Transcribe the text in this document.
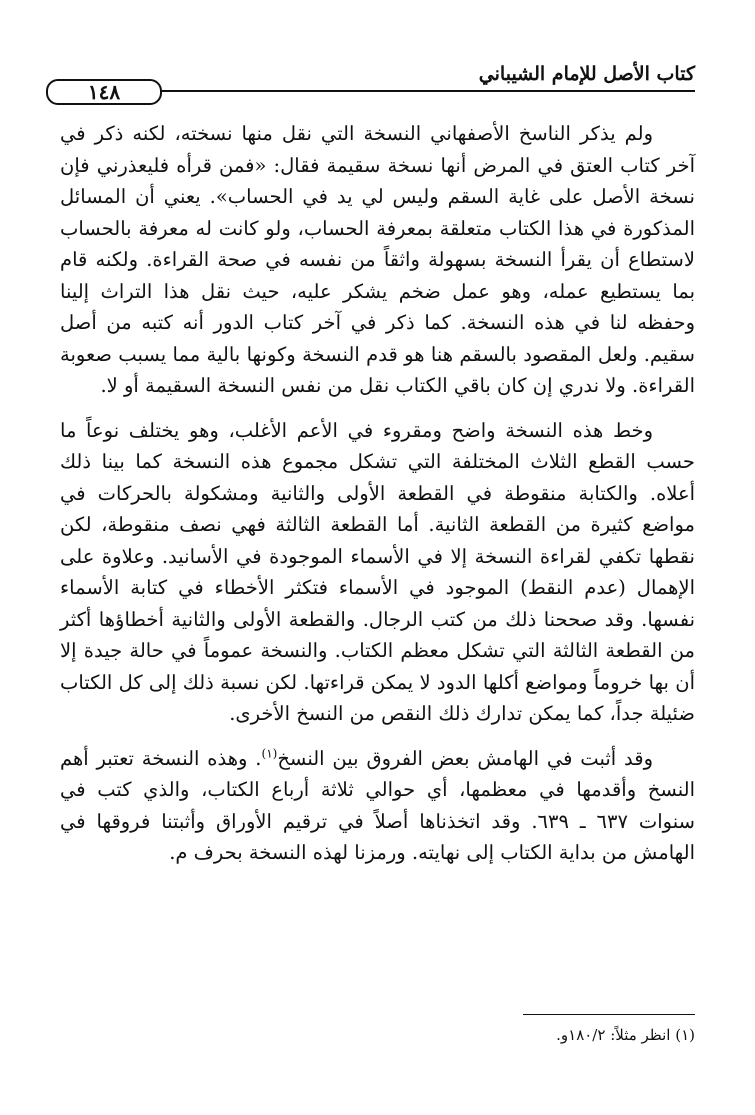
كتاب الأصل للإمام الشيباني
١٤٨

ولم يذكر الناسخ الأصفهاني النسخة التي نقل منها نسخته، لكنه ذكر في آخر كتاب العتق في المرض أنها نسخة سقيمة فقال: «فمن قرأه فليعذرني فإن نسخة الأصل على غاية السقم وليس لي يد في الحساب». يعني أن المسائل المذكورة في هذا الكتاب متعلقة بمعرفة الحساب، ولو كانت له معرفة بالحساب لاستطاع أن يقرأ النسخة بسهولة واثقاً من نفسه في صحة القراءة. ولكنه قام بما يستطيع عمله، وهو عمل ضخم يشكر عليه، حيث نقل هذا التراث إلينا وحفظه لنا في هذه النسخة. كما ذكر في آخر كتاب الدور أنه كتبه من أصل سقيم. ولعل المقصود بالسقم هنا هو قدم النسخة وكونها بالية مما يسبب صعوبة القراءة. ولا ندري إن كان باقي الكتاب نقل من نفس النسخة السقيمة أو لا.

وخط هذه النسخة واضح ومقروء في الأعم الأغلب، وهو يختلف نوعاً ما حسب القطع الثلاث المختلفة التي تشكل مجموع هذه النسخة كما بينا ذلك أعلاه. والكتابة منقوطة في القطعة الأولى والثانية ومشكولة بالحركات في مواضع كثيرة من القطعة الثانية. أما القطعة الثالثة فهي نصف منقوطة، لكن نقطها تكفي لقراءة النسخة إلا في الأسماء الموجودة في الأسانيد. وعلاوة على الإهمال (عدم النقط) الموجود في الأسماء فتكثر الأخطاء في كتابة الأسماء نفسها. وقد صححنا ذلك من كتب الرجال. والقطعة الأولى والثانية أخطاؤها أكثر من القطعة الثالثة التي تشكل معظم الكتاب. والنسخة عموماً في حالة جيدة إلا أن بها خروماً ومواضع أكلها الدود لا يمكن قراءتها. لكن نسبة ذلك إلى كل الكتاب ضئيلة جداً، كما يمكن تدارك ذلك النقص من النسخ الأخرى.

وقد أثبت في الهامش بعض الفروق بين النسخ$^{(١)}$. وهذه النسخة تعتبر أهم النسخ وأقدمها في معظمها، أي حوالي ثلاثة أرباع الكتاب، والذي كتب في سنوات ٦٣٧ ـ ٦٣٩. وقد اتخذناها أصلاً في ترقيم الأوراق وأثبتنا فروقها في الهامش من بداية الكتاب إلى نهايته. ورمزنا لهذه النسخة بحرف م.

(١) انظر مثلاً: ١٨٠/٢و.
